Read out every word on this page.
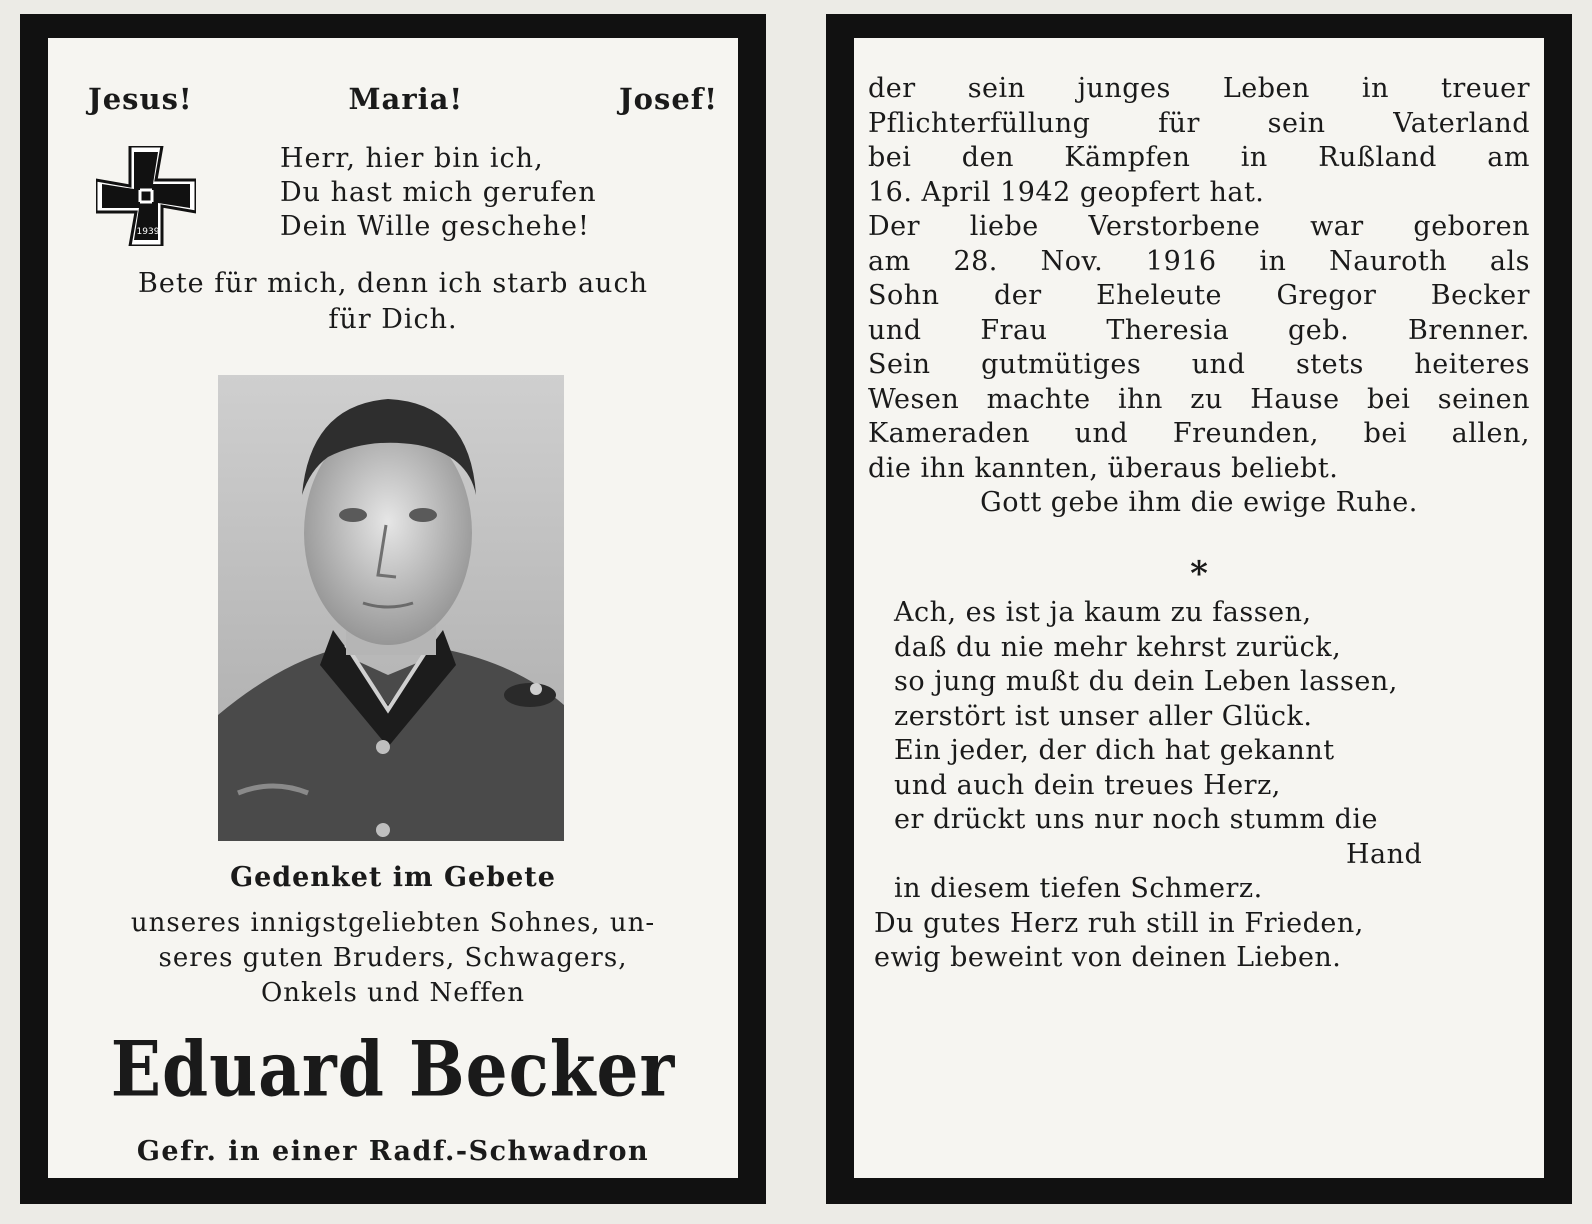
Jesus!	Maria!	Josef!
1939
Herr, hier bin ich,
Du hast mich gerufen
Dein Wille geschehe!
Bete für mich, denn ich starb auch
für Dich.
Gedenket im Gebete
unseres innigstgeliebten Sohnes, un-
seres guten Bruders, Schwagers,
Onkels und Neffen
Eduard Becker
Gefr. in einer Radf.-Schwadron
der sein junges Leben in treuer
Pflichterfüllung für sein Vaterland
bei den Kämpfen in Rußland am
16. April 1942 geopfert hat.
Der liebe Verstorbene war geboren
am 28. Nov. 1916 in Nauroth als
Sohn der Eheleute Gregor Becker
und Frau Theresia geb. Brenner.
Sein gutmütiges und stets heiteres
Wesen machte ihn zu Hause bei seinen
Kameraden und Freunden, bei allen,
die ihn kannten, überaus beliebt.
Gott gebe ihm die ewige Ruhe.
*
Ach, es ist ja kaum zu fassen,
daß du nie mehr kehrst zurück,
so jung mußt du dein Leben lassen,
zerstört ist unser aller Glück.
Ein jeder, der dich hat gekannt
und auch dein treues Herz,
er drückt uns nur noch stumm die
Hand
in diesem tiefen Schmerz.
Du gutes Herz ruh still in Frieden,
ewig beweint von deinen Lieben.
